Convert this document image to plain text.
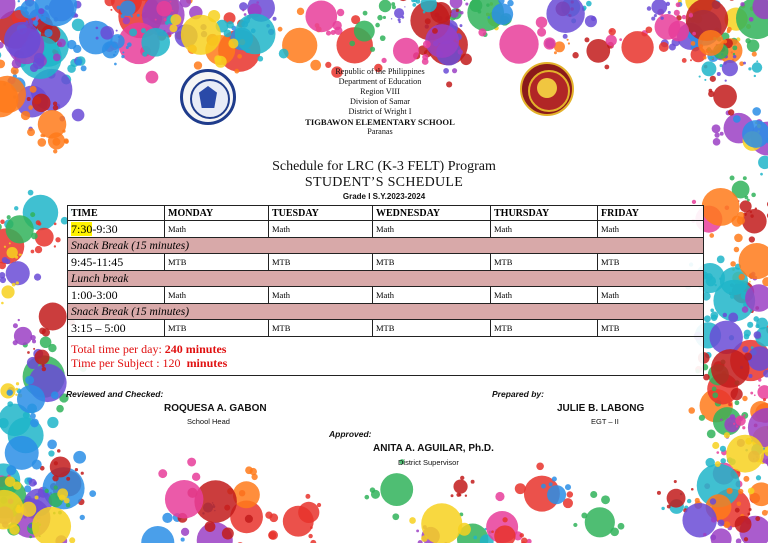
Republic of the Philippines
Department of Education
Region VIII
Division of Samar
District of Wright I
TIGBAWON ELEMENTARY SCHOOL
Paranas
Schedule for LRC (K-3 FELT) Program
STUDENT’S SCHEDULE
Grade I S.Y.2023-2024
TIME	MONDAY	TUESDAY	WEDNESDAY	THURSDAY	FRIDAY
7:30-9:30	Math	Math	Math	Math	Math
Snack Break (15 minutes)					
9:45-11:45	MTB	MTB	MTB	MTB	MTB
Lunch break					
1:00-3:00	Math	Math	Math	Math	Math
Snack Break (15 minutes)					
3:15 – 5:00	MTB	MTB	MTB	MTB	MTB

Total time per day: 240 minutes
Time per Subject : 120 minutes					
Reviewed and Checked:
ROQUESA A. GABON
School Head
Prepared by:
JULIE B. LABONG
EGT – II
Approved:
ANITA A. AGUILAR, Ph.D.
District Supervisor
